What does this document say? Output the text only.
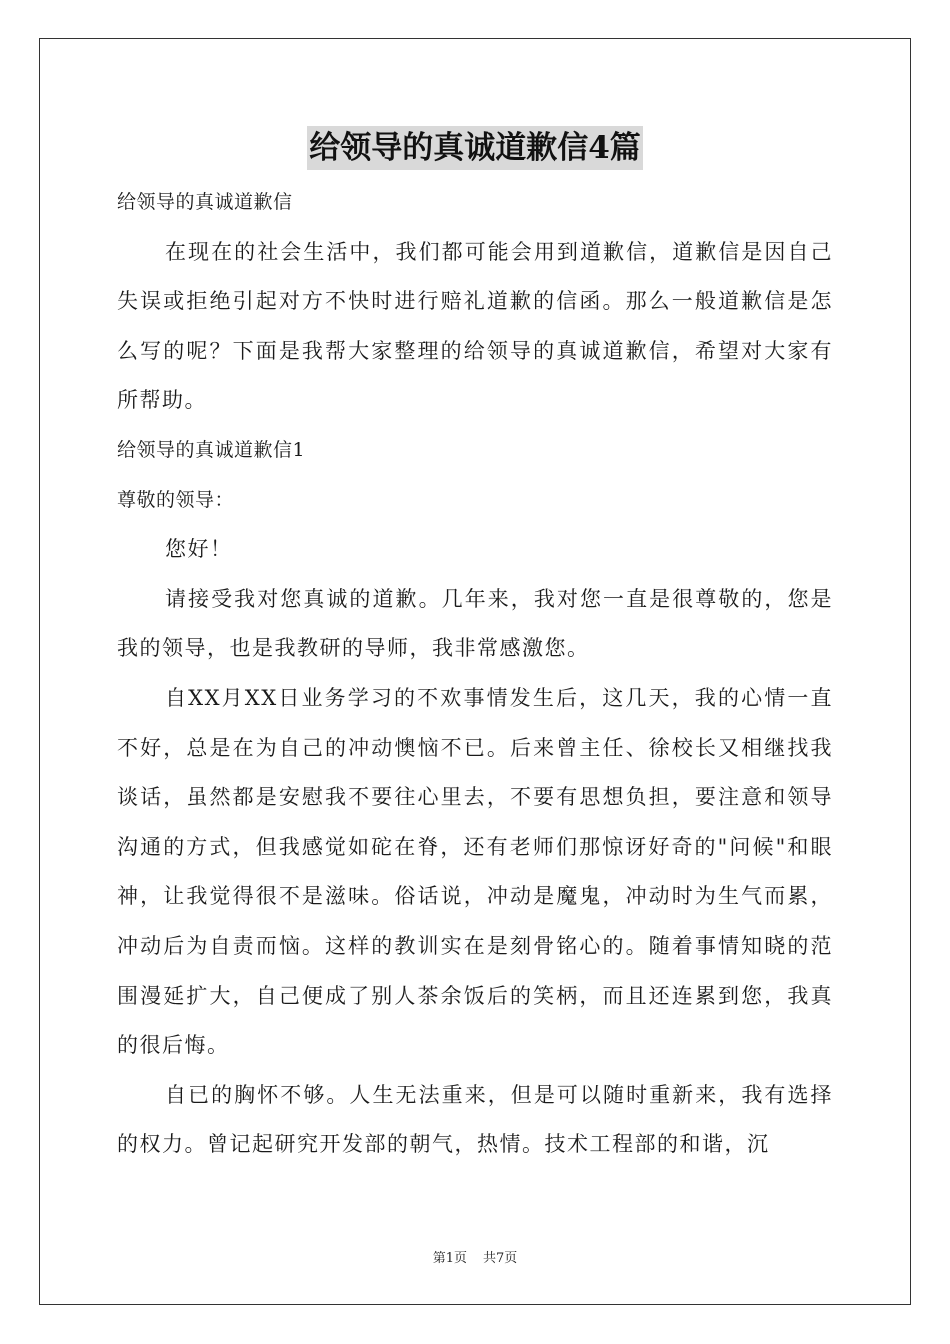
给领导的真诚道歉信4篇

给领导的真诚道歉信

在现在的社会生活中，我们都可能会用到道歉信，道歉信是因自己失误或拒绝引起对方不快时进行赔礼道歉的信函。那么一般道歉信是怎么写的呢？下面是我帮大家整理的给领导的真诚道歉信，希望对大家有所帮助。

给领导的真诚道歉信1

尊敬的领导：

您好！

请接受我对您真诚的道歉。几年来，我对您一直是很尊敬的，您是我的领导，也是我教研的导师，我非常感激您。

自XX月XX日业务学习的不欢事情发生后，这几天，我的心情一直不好，总是在为自己的冲动懊恼不已。后来曾主任、徐校长又相继找我谈话，虽然都是安慰我不要往心里去，不要有思想负担，要注意和领导沟通的方式，但我感觉如砣在脊，还有老师们那惊讶好奇的"问候"和眼神，让我觉得很不是滋味。俗话说，冲动是魔鬼，冲动时为生气而累，冲动后为自责而恼。这样的教训实在是刻骨铭心的。随着事情知晓的范围漫延扩大，自己便成了别人茶余饭后的笑柄，而且还连累到您，我真的很后悔。

自已的胸怀不够。人生无法重来，但是可以随时重新来，我有选择的权力。曾记起研究开发部的朝气，热情。技术工程部的和谐，沉

第1页 共7页
